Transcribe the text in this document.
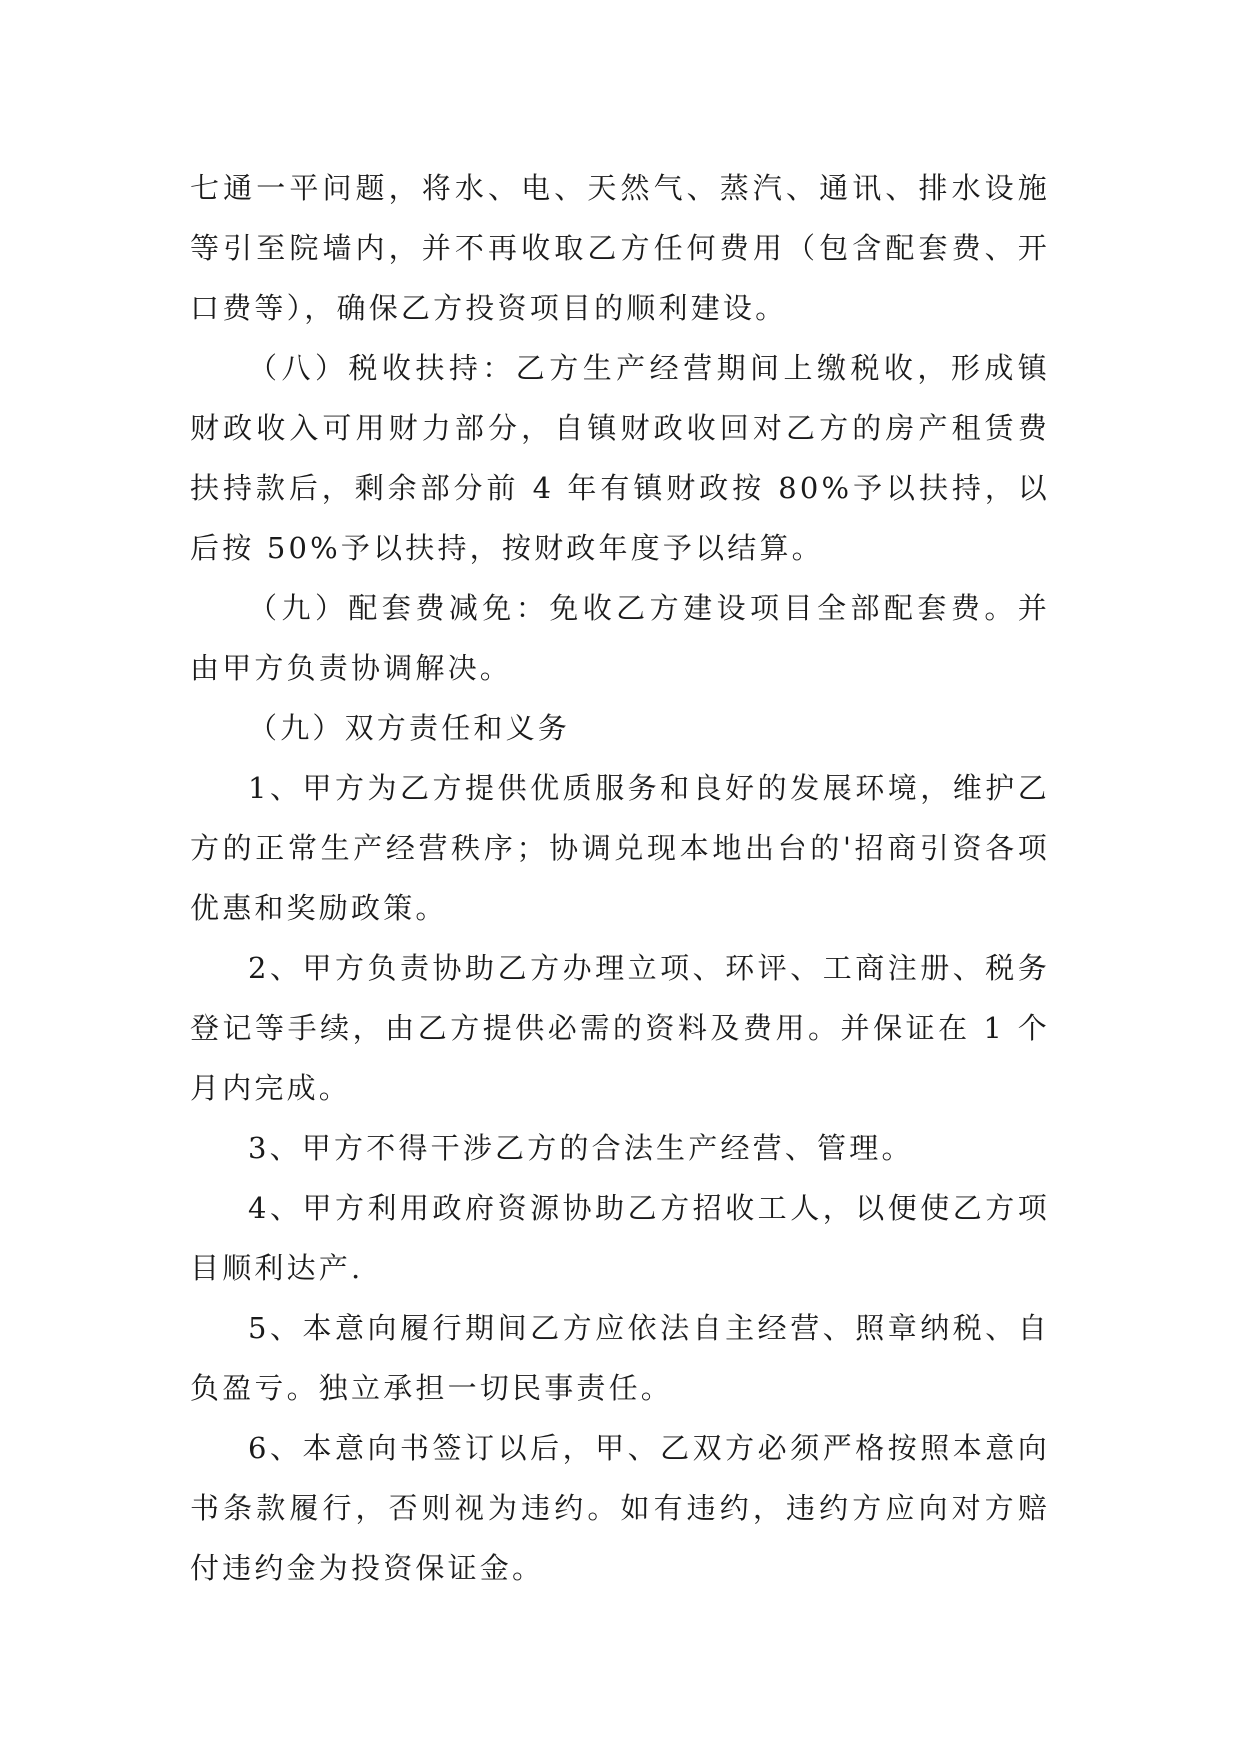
七通一平问题，将水、电、天然气、蒸汽、通讯、排水设施等引至院墙内，并不再收取乙方任何费用（包含配套费、开口费等），确保乙方投资项目的顺利建设。

（八）税收扶持：乙方生产经营期间上缴税收，形成镇财政收入可用财力部分，自镇财政收回对乙方的房产租赁费扶持款后，剩余部分前 4 年有镇财政按 80%予以扶持，以后按 50%予以扶持，按财政年度予以结算。

（九）配套费减免：免收乙方建设项目全部配套费。并由甲方负责协调解决。

（九）双方责任和义务

1、甲方为乙方提供优质服务和良好的发展环境，维护乙方的正常生产经营秩序；协调兑现本地出台的'招商引资各项优惠和奖励政策。

2、甲方负责协助乙方办理立项、环评、工商注册、税务登记等手续，由乙方提供必需的资料及费用。并保证在 1 个月内完成。

3、甲方不得干涉乙方的合法生产经营、管理。

4、甲方利用政府资源协助乙方招收工人，以便使乙方项目顺利达产.

5、本意向履行期间乙方应依法自主经营、照章纳税、自负盈亏。独立承担一切民事责任。

6、本意向书签订以后，甲、乙双方必须严格按照本意向书条款履行，否则视为违约。如有违约，违约方应向对方赔付违约金为投资保证金。
